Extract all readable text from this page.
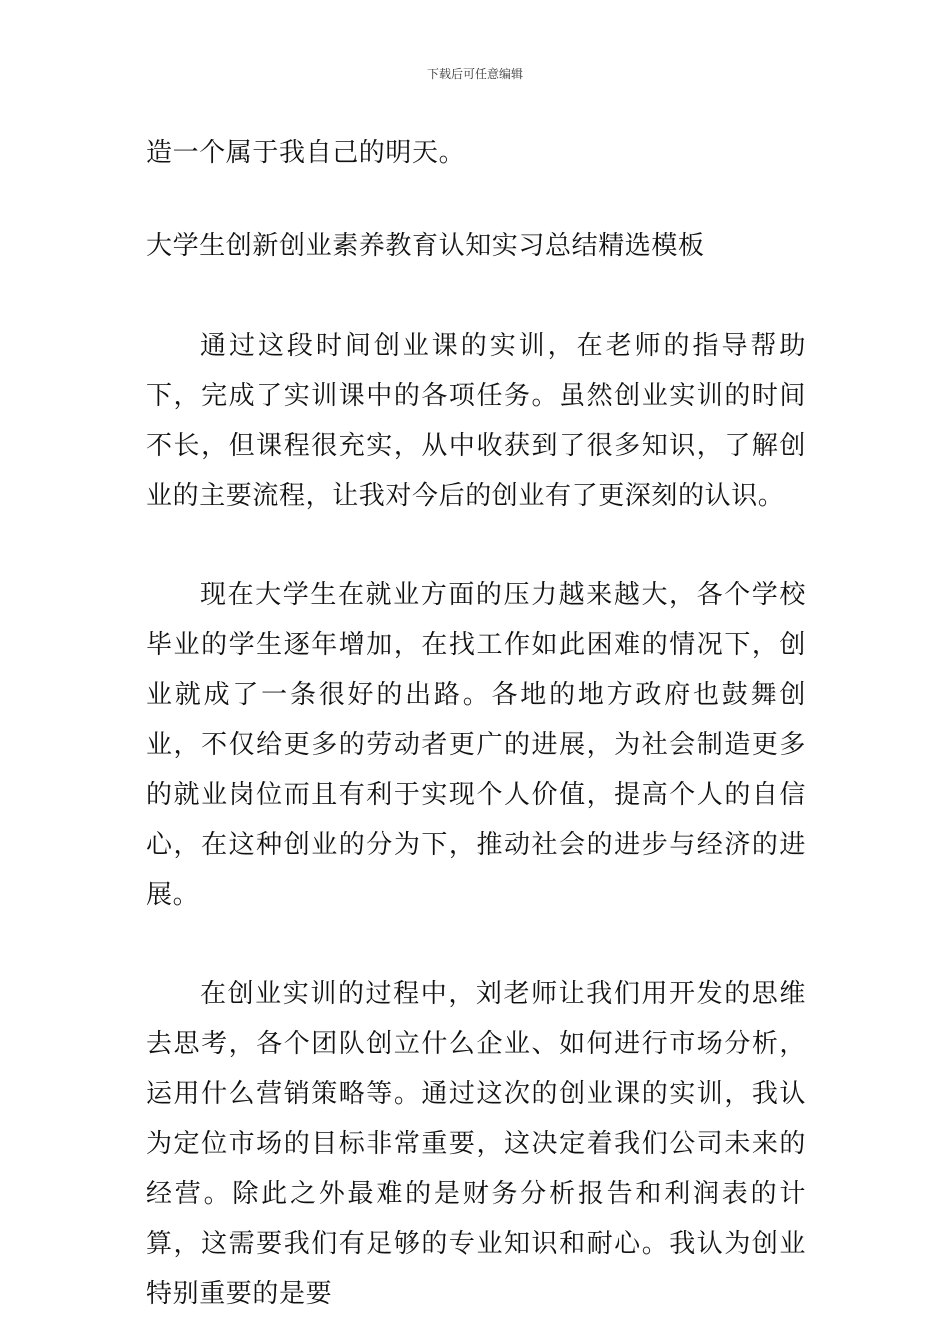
下载后可任意编辑

造一个属于我自己的明天。

大学生创新创业素养教育认知实习总结精选模板

通过这段时间创业课的实训，在老师的指导帮助下，完成了实训课中的各项任务。虽然创业实训的时间不长，但课程很充实，从中收获到了很多知识，了解创业的主要流程，让我对今后的创业有了更深刻的认识。

现在大学生在就业方面的压力越来越大，各个学校毕业的学生逐年增加，在找工作如此困难的情况下，创业就成了一条很好的出路。各地的地方政府也鼓舞创业，不仅给更多的劳动者更广的进展，为社会制造更多的就业岗位而且有利于实现个人价值，提高个人的自信心，在这种创业的分为下，推动社会的进步与经济的进展。

在创业实训的过程中，刘老师让我们用开发的思维去思考，各个团队创立什么企业、如何进行市场分析，运用什么营销策略等。通过这次的创业课的实训，我认为定位市场的目标非常重要，这决定着我们公司未来的经营。除此之外最难的是财务分析报告和利润表的计算，这需要我们有足够的专业知识和耐心。我认为创业特别重要的是要
